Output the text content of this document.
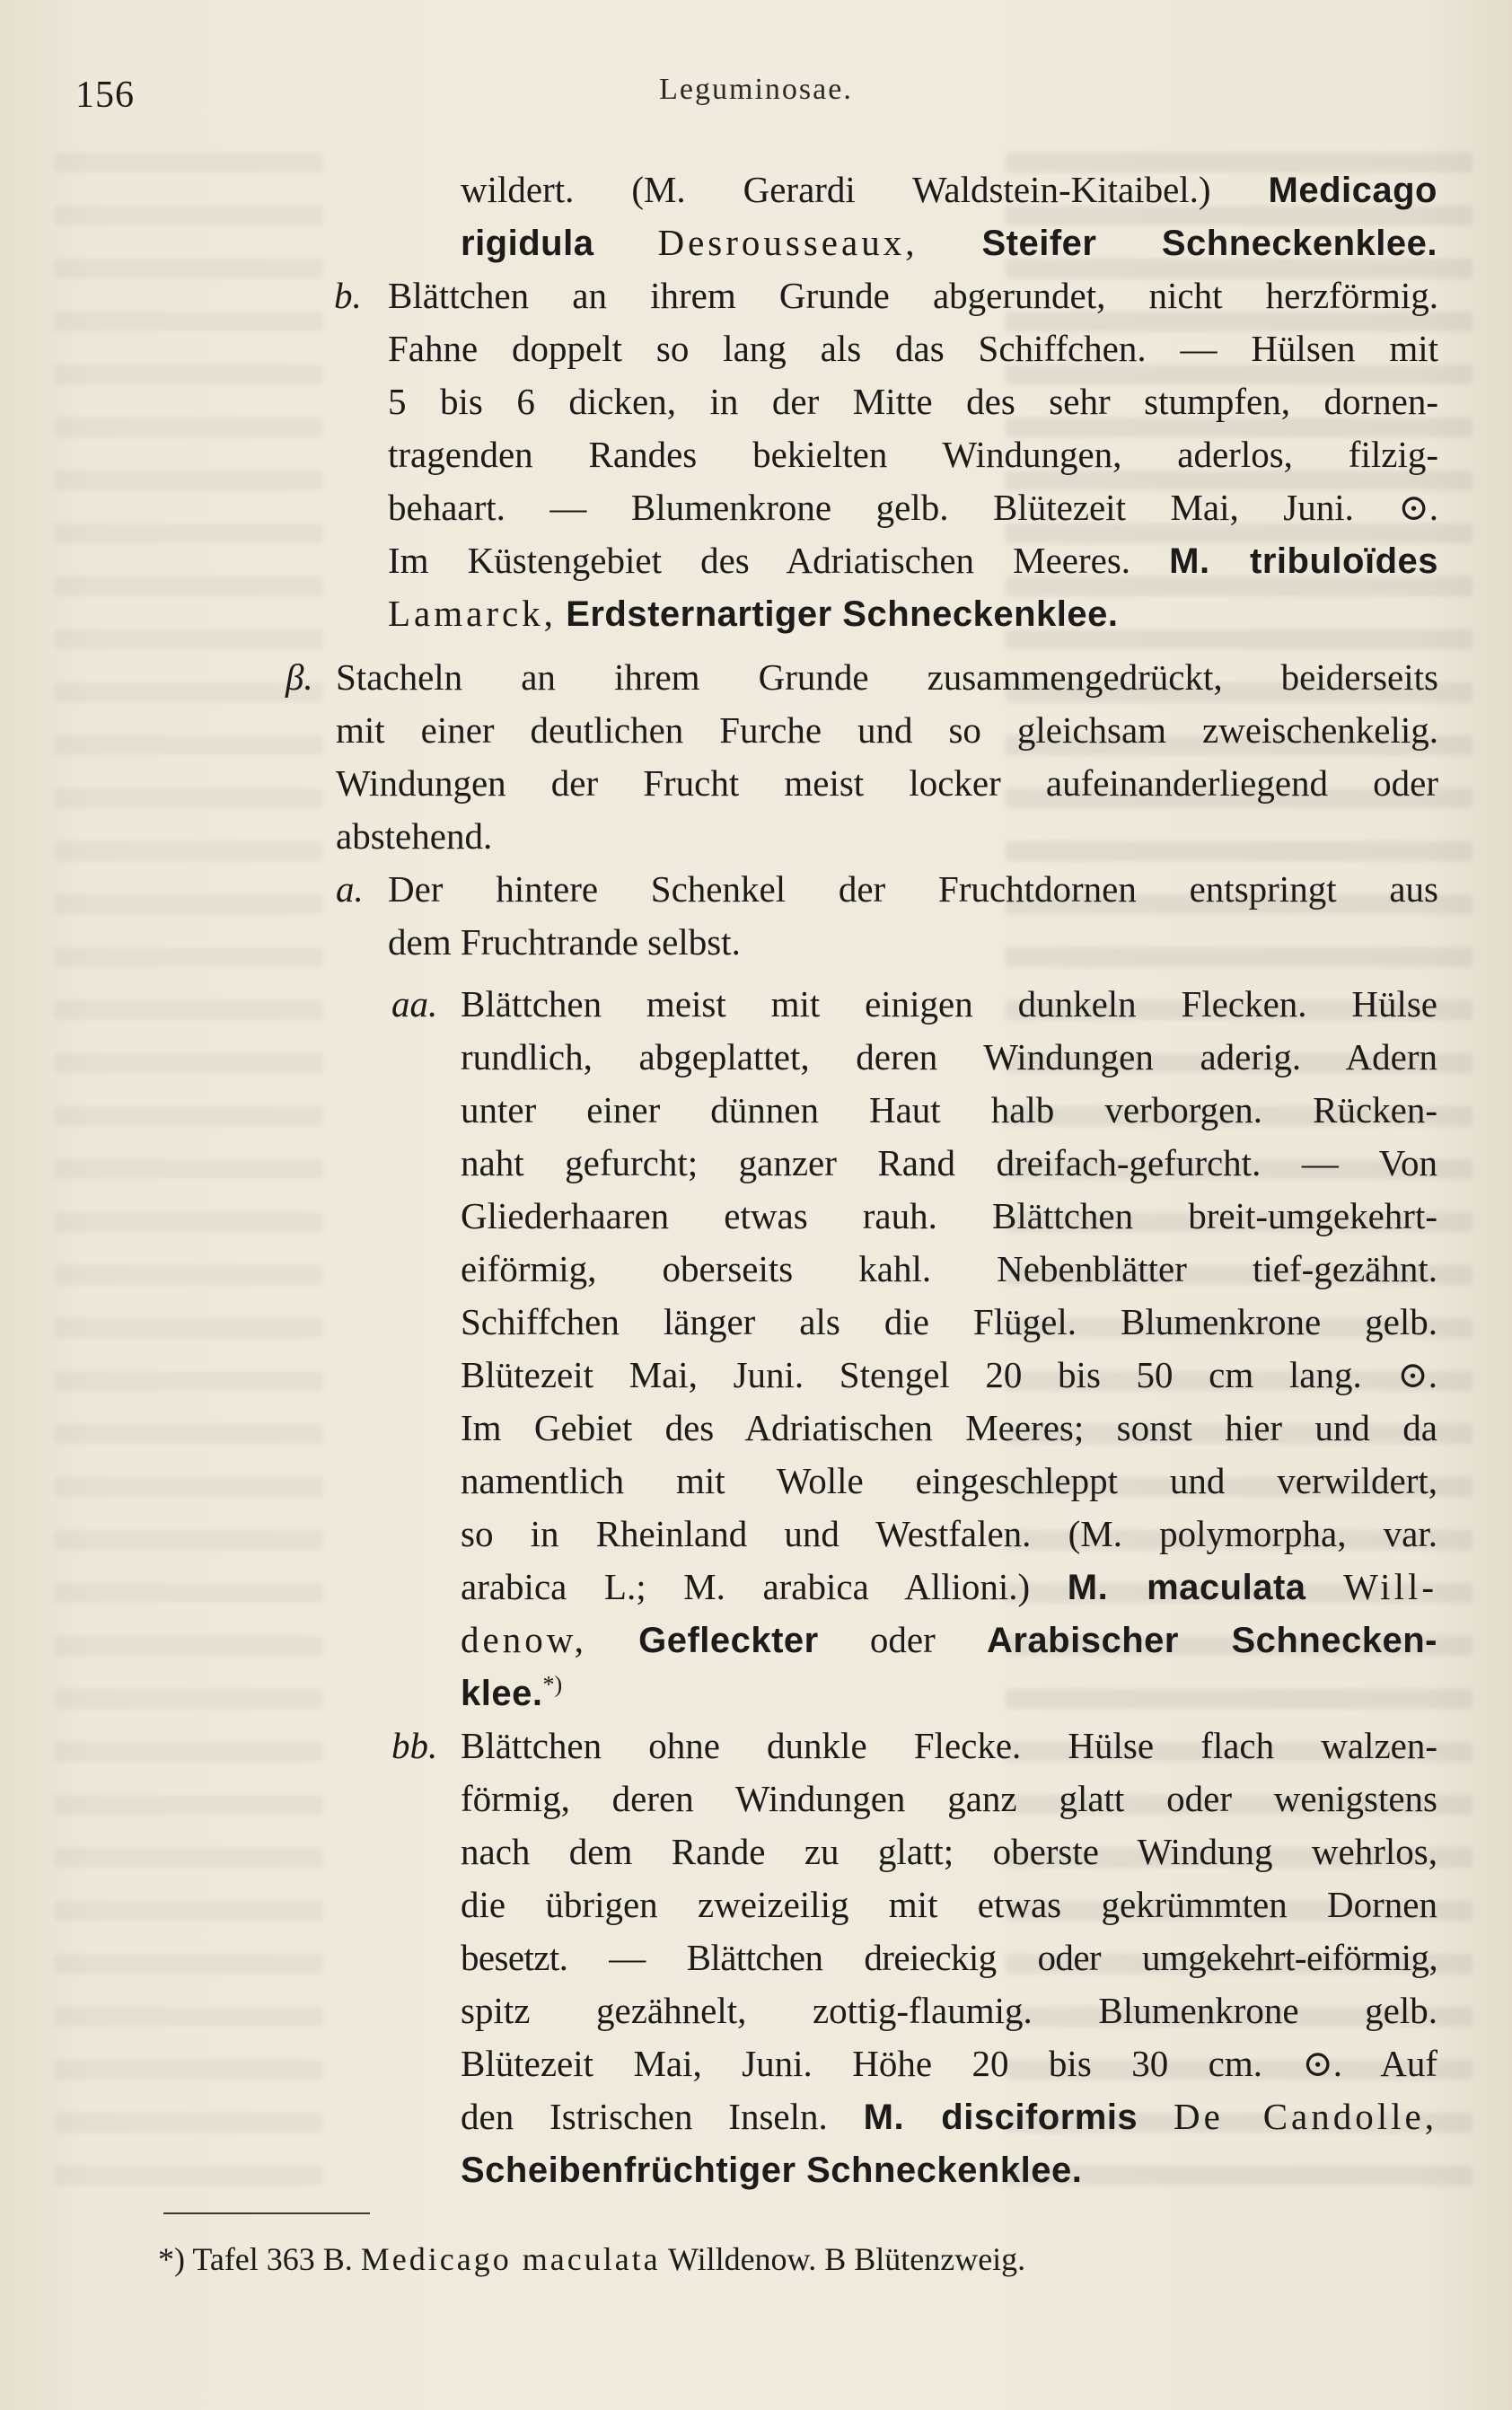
156	Leguminosae.
wildert. (M. Gerardi Waldstein-Kitaibel.) Medicago
rigidula Desrousseaux, Steifer Schneckenklee.
b. Blättchen an ihrem Grunde abgerundet, nicht herzförmig.
Fahne doppelt so lang als das Schiffchen. — Hülsen mit
5 bis 6 dicken, in der Mitte des sehr stumpfen, dornen-
tragenden Randes bekielten Windungen, aderlos, filzig-
behaart. — Blumenkrone gelb. Blütezeit Mai, Juni. ⊙.
Im Küstengebiet des Adriatischen Meeres. M. tribuloïdes
Lamarck, Erdsternartiger Schneckenklee.
β. Stacheln an ihrem Grunde zusammengedrückt, beiderseits
mit einer deutlichen Furche und so gleichsam zweischenkelig.
Windungen der Frucht meist locker aufeinanderliegend oder
abstehend.
a. Der hintere Schenkel der Fruchtdornen entspringt aus
dem Fruchtrande selbst.
aa. Blättchen meist mit einigen dunkeln Flecken. Hülse
rundlich, abgeplattet, deren Windungen aderig. Adern
unter einer dünnen Haut halb verborgen. Rücken-
naht gefurcht; ganzer Rand dreifach-gefurcht. — Von
Gliederhaaren etwas rauh. Blättchen breit-umgekehrt-
eiförmig, oberseits kahl. Nebenblätter tief-gezähnt.
Schiffchen länger als die Flügel. Blumenkrone gelb.
Blütezeit Mai, Juni. Stengel 20 bis 50 cm lang. ⊙.
Im Gebiet des Adriatischen Meeres; sonst hier und da
namentlich mit Wolle eingeschleppt und verwildert,
so in Rheinland und Westfalen. (M. polymorpha, var.
arabica L.; M. arabica Allioni.) M. maculata Will-
denow, Gefleckter oder Arabischer Schnecken-
klee.*)
bb. Blättchen ohne dunkle Flecke. Hülse flach walzen-
förmig, deren Windungen ganz glatt oder wenigstens
nach dem Rande zu glatt; oberste Windung wehrlos,
die übrigen zweizeilig mit etwas gekrümmten Dornen
besetzt. — Blättchen dreieckig oder umgekehrt-eiförmig,
spitz gezähnelt, zottig-flaumig. Blumenkrone gelb.
Blütezeit Mai, Juni. Höhe 20 bis 30 cm. ⊙. Auf
den Istrischen Inseln. M. disciformis De Candolle,
Scheibenfrüchtiger Schneckenklee.
*) Tafel 363 B. Medicago maculata Willdenow. B Blütenzweig.
